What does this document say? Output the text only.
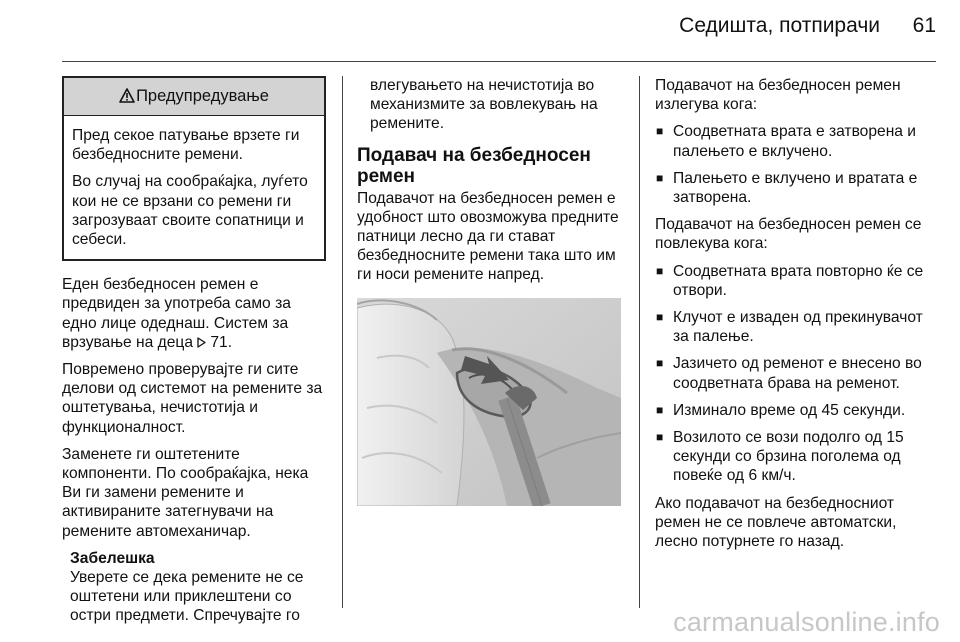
Седишта, потпирачи 61
Предупредување

Пред секое патување врзете ги безбедносните ремени.

Во случај на сообраќајка, луѓето кои не се врзани со ремени ги загрозуваат своите сопатници и себеси.

Еден безбедносен ремен е предвиден за употреба само за едно лице одеднаш. Систем за врзување на деца 71.

Повремено проверувајте ги сите делови од системот на ремените за оштетувања, нечистотија и функционалност.

Заменете ги оштетените компоненти. По сообраќајка, нека Ви ги замени ремените и активираните затегнувачи на ремените автомеханичар.

Забелешка
Уверете се дека ремените не се оштетени или приклештени со остри предмети. Спречувајте го

влегувањето на нечистотија во механизмите за вовлекувањ на ремените.

Подавач на безбедносен ремен

Подавачот на безбедносен ремен е удобност што овозможува предните патници лесно да ги стават безбедносните ремени така што им ги носи ремените напред.

Подавачот на безбедносен ремен излегува кога:

■ Соодветната врата е затворена и палењето е вклучено.
■ Палењето е вклучено и вратата е затворена.

Подавачот на безбедносен ремен се повлекува кога:

■ Соодветната врата повторно ќе се отвори.
■ Клучот е изваден од прекинувачот за палење.
■ Јазичето од ременот е внесено во соодветната брава на ременот.
■ Изминало време од 45 секунди.
■ Возилото се вози подолго од 15 секунди со брзина поголема од повеќе од 6 км/ч.

Ако подавачот на безбедносниот ремен не се повлече автоматски, лесно потурнете го назад.

carmanualsonline.info
